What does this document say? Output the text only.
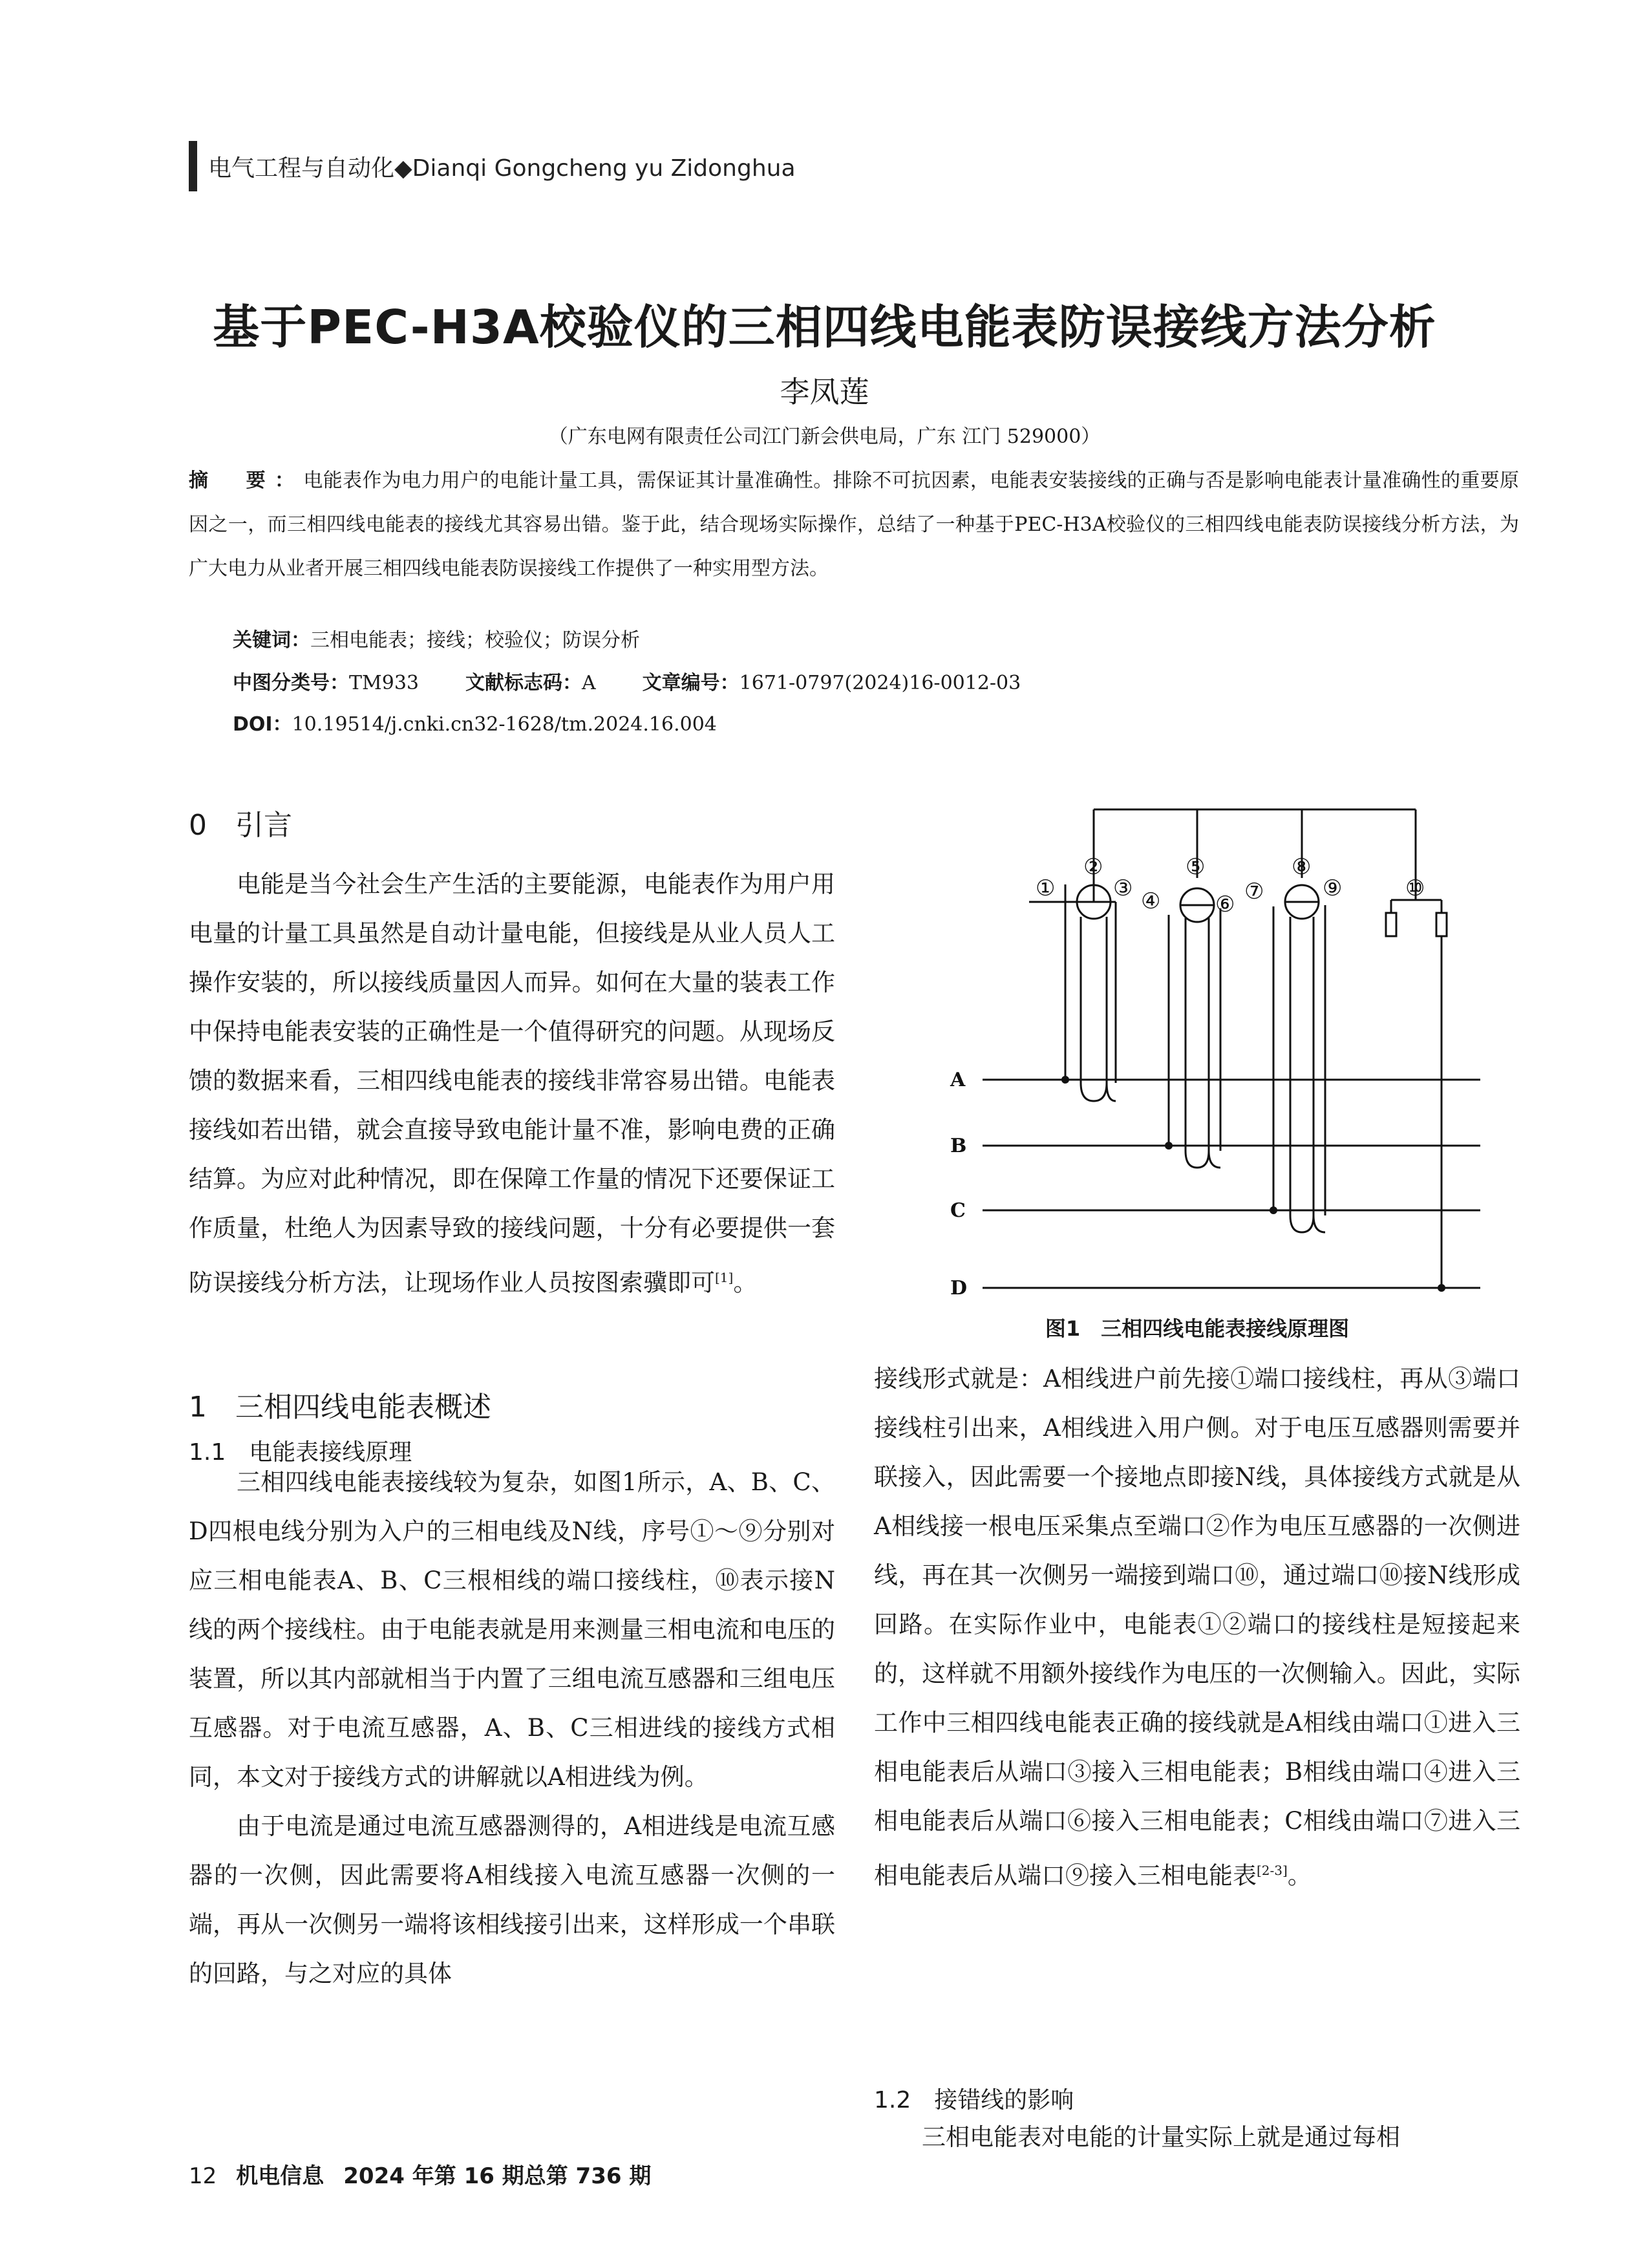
电气工程与自动化◆Dianqi Gongcheng yu Zidonghua
基于PEC-H3A校验仪的三相四线电能表防误接线方法分析
李凤莲
（广东电网有限责任公司江门新会供电局，广东 江门 529000）
摘　要：电能表作为电力用户的电能计量工具，需保证其计量准确性。排除不可抗因素，电能表安装接线的正确与否是影响电能表计量准确性的重要原因之一，而三相四线电能表的接线尤其容易出错。鉴于此，结合现场实际操作，总结了一种基于PEC-H3A校验仪的三相四线电能表防误接线分析方法，为广大电力从业者开展三相四线电能表防误接线工作提供了一种实用型方法。
关键词：三相电能表；接线；校验仪；防误分析
中图分类号：TM933 文献标志码：A 文章编号：1671-0797(2024)16-0012-03
DOI：10.19514/j.cnki.cn32-1628/tm.2024.16.004
0　引言
电能是当今社会生产生活的主要能源，电能表作为用户用电量的计量工具虽然是自动计量电能，但接线是从业人员人工操作安装的，所以接线质量因人而异。如何在大量的装表工作中保持电能表安装的正确性是一个值得研究的问题。从现场反馈的数据来看，三相四线电能表的接线非常容易出错。电能表接线如若出错，就会直接导致电能计量不准，影响电费的正确结算。为应对此种情况，即在保障工作量的情况下还要保证工作质量，杜绝人为因素导致的接线问题，十分有必要提供一套防误接线分析方法，让现场作业人员按图索骥即可[1]。
1　三相四线电能表概述
1.1　电能表接线原理
三相四线电能表接线较为复杂，如图1所示，A、B、C、D四根电线分别为入户的三相电线及N线，序号①～⑨分别对应三相电能表A、B、C三根相线的端口接线柱，⑩表示接N线的两个接线柱。由于电能表就是用来测量三相电流和电压的装置，所以其内部就相当于内置了三组电流互感器和三组电压互感器。对于电流互感器，A、B、C三相进线的接线方式相同，本文对于接线方式的讲解就以A相进线为例。
由于电流是通过电流互感器测得的，A相进线是电流互感器的一次侧，因此需要将A相线接入电流互感器一次侧的一端，再从一次侧另一端将该相线接引出来，这样形成一个串联的回路，与之对应的具体
A
B
C
D
①
②
③ ④
⑤
⑥ ⑦
⑧
⑨	⑩
图1　三相四线电能表接线原理图
接线形式就是：A相线进户前先接①端口接线柱，再从③端口接线柱引出来，A相线进入用户侧。对于电压互感器则需要并联接入，因此需要一个接地点即接N线，具体接线方式就是从A相线接一根电压采集点至端口②作为电压互感器的一次侧进线，再在其一次侧另一端接到端口⑩，通过端口⑩接N线形成回路。在实际作业中，电能表①②端口的接线柱是短接起来的，这样就不用额外接线作为电压的一次侧输入。因此，实际工作中三相四线电能表正确的接线就是A相线由端口①进入三相电能表后从端口③接入三相电能表；B相线由端口④进入三相电能表后从端口⑥接入三相电能表；C相线由端口⑦进入三相电能表后从端口⑨接入三相电能表[2-3]。
1.2　接错线的影响
三相电能表对电能的计量实际上就是通过每相
12 机电信息 2024 年第 16 期总第 736 期
